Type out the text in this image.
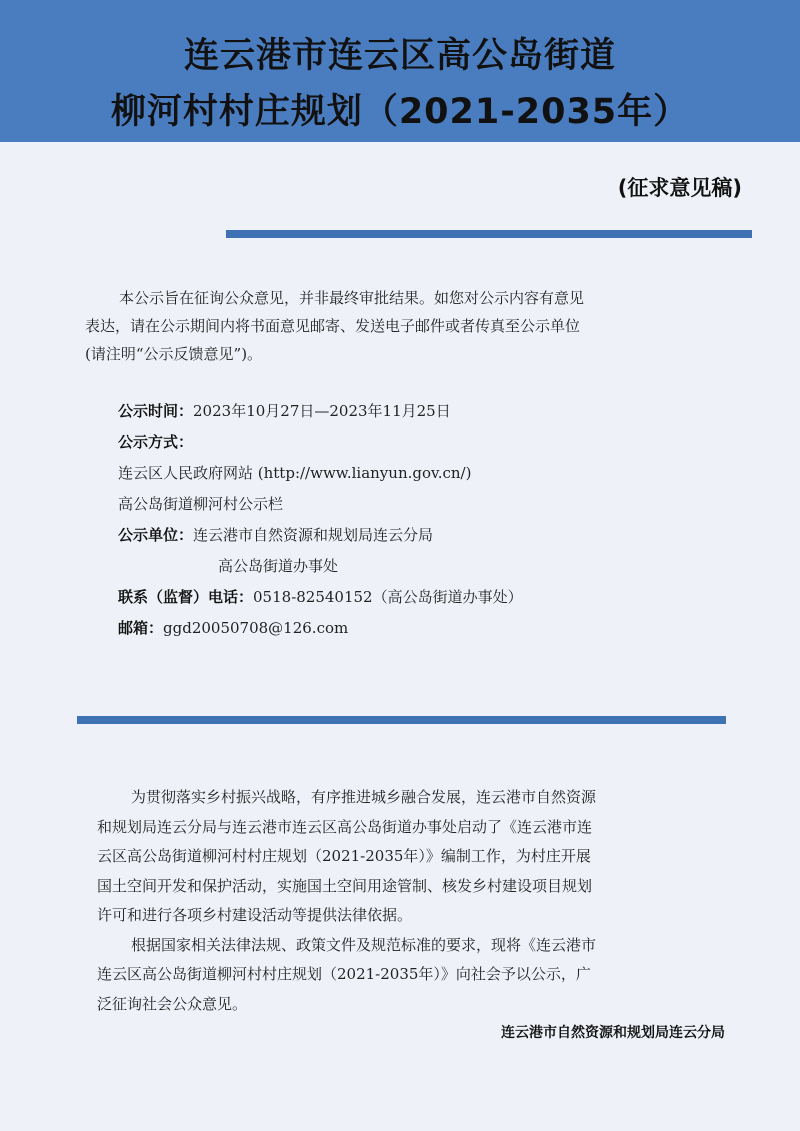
连云港市连云区高公岛街道
柳河村村庄规划（2021-2035年）
(征求意见稿)
本公示旨在征询公众意见，并非最终审批结果。如您对公示内容有意见
表达，请在公示期间内将书面意见邮寄、发送电子邮件或者传真至公示单位
(请注明“公示反馈意见”)。
公示时间：2023年10月27日—2023年11月25日
公示方式：
连云区人民政府网站 (http://www.lianyun.gov.cn/)
高公岛街道柳河村公示栏
公示单位：连云港市自然资源和规划局连云分局
高公岛街道办事处
联系（监督）电话：0518-82540152（高公岛街道办事处）
邮箱：ggd20050708@126.com
为贯彻落实乡村振兴战略，有序推进城乡融合发展，连云港市自然资源
和规划局连云分局与连云港市连云区高公岛街道办事处启动了《连云港市连
云区高公岛街道柳河村村庄规划（2021-2035年）》编制工作，为村庄开展
国土空间开发和保护活动，实施国土空间用途管制、核发乡村建设项目规划
许可和进行各项乡村建设活动等提供法律依据。
根据国家相关法律法规、政策文件及规范标准的要求，现将《连云港市
连云区高公岛街道柳河村村庄规划（2021-2035年）》向社会予以公示，广
泛征询社会公众意见。
连云港市自然资源和规划局连云分局
